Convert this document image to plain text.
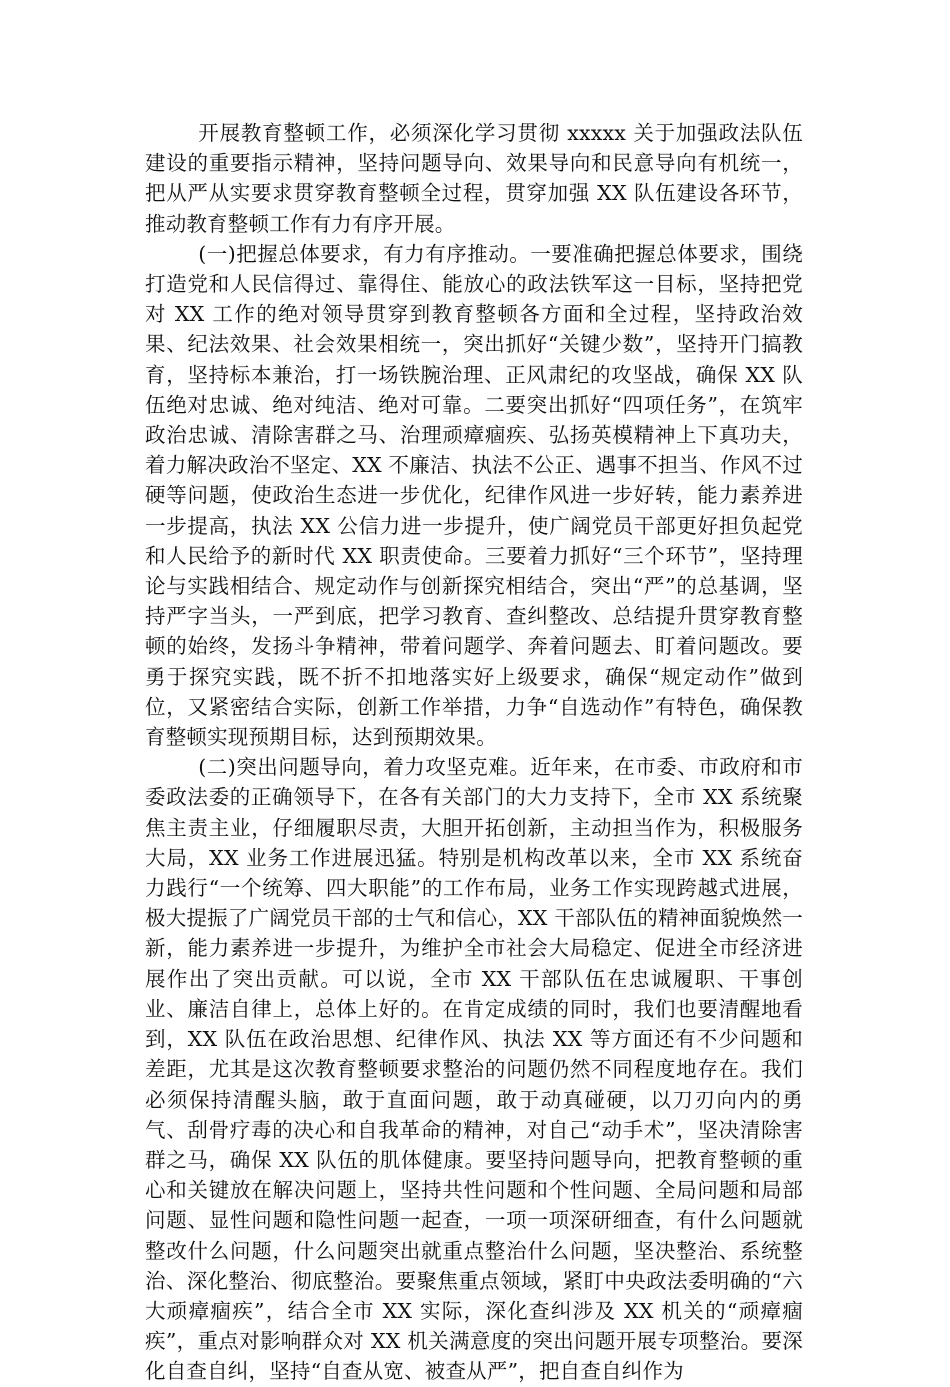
开展教育整顿工作，必须深化学习贯彻 xxxxx 关于加强政法队伍建设的重要指示精神，坚持问题导向、效果导向和民意导向有机统一，把从严从实要求贯穿教育整顿全过程，贯穿加强 XX 队伍建设各环节，推动教育整顿工作有力有序开展。

(一)把握总体要求，有力有序推动。一要准确把握总体要求，围绕打造党和人民信得过、靠得住、能放心的政法铁军这一目标，坚持把党对 XX 工作的绝对领导贯穿到教育整顿各方面和全过程，坚持政治效果、纪法效果、社会效果相统一，突出抓好“关键少数”，坚持开门搞教育，坚持标本兼治，打一场铁腕治理、正风肃纪的攻坚战，确保 XX 队伍绝对忠诚、绝对纯洁、绝对可靠。二要突出抓好“四项任务”，在筑牢政治忠诚、清除害群之马、治理顽瘴痼疾、弘扬英模精神上下真功夫，着力解决政治不坚定、XX 不廉洁、执法不公正、遇事不担当、作风不过硬等问题，使政治生态进一步优化，纪律作风进一步好转，能力素养进一步提高，执法 XX 公信力进一步提升，使广阔党员干部更好担负起党和人民给予的新时代 XX 职责使命。三要着力抓好“三个环节”，坚持理论与实践相结合、规定动作与创新探究相结合，突出“严”的总基调，坚持严字当头，一严到底，把学习教育、查纠整改、总结提升贯穿教育整顿的始终，发扬斗争精神，带着问题学、奔着问题去、盯着问题改。要勇于探究实践，既不折不扣地落实好上级要求，确保“规定动作”做到位，又紧密结合实际，创新工作举措，力争“自选动作”有特色，确保教育整顿实现预期目标，达到预期效果。

(二)突出问题导向，着力攻坚克难。近年来，在市委、市政府和市委政法委的正确领导下，在各有关部门的大力支持下，全市 XX 系统聚焦主责主业，仔细履职尽责，大胆开拓创新，主动担当作为，积极服务大局，XX 业务工作进展迅猛。特别是机构改革以来，全市 XX 系统奋力践行“一个统筹、四大职能”的工作布局，业务工作实现跨越式进展，极大提振了广阔党员干部的士气和信心，XX 干部队伍的精神面貌焕然一新，能力素养进一步提升，为维护全市社会大局稳定、促进全市经济进展作出了突出贡献。可以说，全市 XX 干部队伍在忠诚履职、干事创业、廉洁自律上，总体上好的。在肯定成绩的同时，我们也要清醒地看到，XX 队伍在政治思想、纪律作风、执法 XX 等方面还有不少问题和差距，尤其是这次教育整顿要求整治的问题仍然不同程度地存在。我们必须保持清醒头脑，敢于直面问题，敢于动真碰硬，以刀刃向内的勇气、刮骨疗毒的决心和自我革命的精神，对自己“动手术”，坚决清除害群之马，确保 XX 队伍的肌体健康。要坚持问题导向，把教育整顿的重心和关键放在解决问题上，坚持共性问题和个性问题、全局问题和局部问题、显性问题和隐性问题一起查，一项一项深研细查，有什么问题就整改什么问题，什么问题突出就重点整治什么问题，坚决整治、系统整治、深化整治、彻底整治。要聚焦重点领域，紧盯中央政法委明确的“六大顽瘴痼疾”，结合全市 XX 实际，深化查纠涉及 XX 机关的“顽瘴痼疾”，重点对影响群众对 XX 机关满意度的突出问题开展专项整治。要深化自查自纠，坚持“自查从宽、被查从严”，把自查自纠作为
